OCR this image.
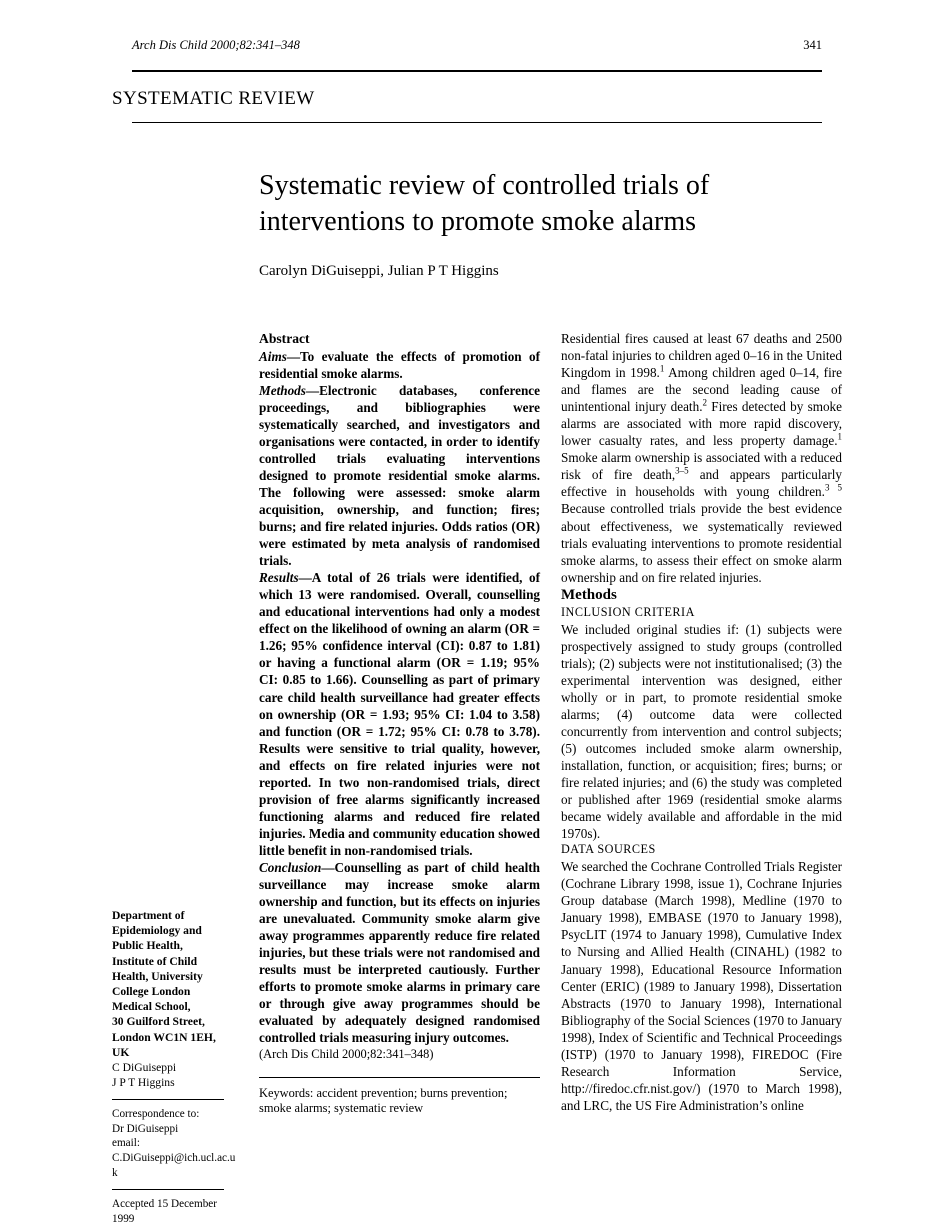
Arch Dis Child 2000;82:341–348	341
SYSTEMATIC REVIEW
Systematic review of controlled trials of interventions to promote smoke alarms
Carolyn DiGuiseppi, Julian P T Higgins

Abstract

Aims—To evaluate the effects of promotion of residential smoke alarms.

Methods—Electronic databases, conference proceedings, and bibliographies were systematically searched, and investigators and organisations were contacted, in order to identify controlled trials evaluating interventions designed to promote residential smoke alarms. The following were assessed: smoke alarm acquisition, ownership, and function; fires; burns; and fire related injuries. Odds ratios (OR) were estimated by meta analysis of randomised trials.

Results—A total of 26 trials were identified, of which 13 were randomised. Overall, counselling and educational interventions had only a modest effect on the likelihood of owning an alarm (OR = 1.26; 95% confidence interval (CI): 0.87 to 1.81) or having a functional alarm (OR = 1.19; 95% CI: 0.85 to 1.66). Counselling as part of primary care child health surveillance had greater effects on ownership (OR = 1.93; 95% CI: 1.04 to 3.58) and function (OR = 1.72; 95% CI: 0.78 to 3.78). Results were sensitive to trial quality, however, and effects on fire related injuries were not reported. In two non-randomised trials, direct provision of free alarms significantly increased functioning alarms and reduced fire related injuries. Media and community education showed little benefit in non-randomised trials.

Conclusion—Counselling as part of child health surveillance may increase smoke alarm ownership and function, but its effects on injuries are unevaluated. Community smoke alarm give away programmes apparently reduce fire related injuries, but these trials were not randomised and results must be interpreted cautiously. Further efforts to promote smoke alarms in primary care or through give away programmes should be evaluated by adequately designed randomised controlled trials measuring injury outcomes.

(Arch Dis Child 2000;82:341–348)

Keywords: accident prevention; burns prevention; smoke alarms; systematic review

Residential fires caused at least 67 deaths and 2500 non-fatal injuries to children aged 0–16 in the United Kingdom in 1998.$^1$ Among children aged 0–14, fire and flames are the second leading cause of unintentional injury death.$^2$ Fires detected by smoke alarms are associated with more rapid discovery, lower casualty rates, and less property damage.$^1$ Smoke alarm ownership is associated with a reduced risk of fire death,$^{3-5}$ and appears particularly effective in households with young children.$^{3 5}$ Because controlled trials provide the best evidence about effectiveness, we systematically reviewed trials evaluating interventions to promote residential smoke alarms, to assess their effect on smoke alarm ownership and on fire related injuries.

Methods

INCLUSION CRITERIA

We included original studies if: (1) subjects were prospectively assigned to study groups (controlled trials); (2) subjects were not institutionalised; (3) the experimental intervention was designed, either wholly or in part, to promote residential smoke alarms; (4) outcome data were collected concurrently from intervention and control subjects; (5) outcomes included smoke alarm ownership, installation, function, or acquisition; fires; burns; or fire related injuries; and (6) the study was completed or published after 1969 (residential smoke alarms became widely available and affordable in the mid 1970s).

DATA SOURCES

We searched the Cochrane Controlled Trials Register (Cochrane Library 1998, issue 1), Cochrane Injuries Group database (March 1998), Medline (1970 to January 1998), EMBASE (1970 to January 1998), PsycLIT (1974 to January 1998), Cumulative Index to Nursing and Allied Health (CINAHL) (1982 to January 1998), Educational Resource Information Center (ERIC) (1989 to January 1998), Dissertation Abstracts (1970 to January 1998), International Bibliography of the Social Sciences (1970 to January 1998), Index of Scientific and Technical Proceedings (ISTP) (1970 to January 1998), FIREDOC (Fire Research Information Service, http://firedoc.cfr.nist.gov/) (1970 to March 1998), and LRC, the US Fire Administration’s online

Department of
Epidemiology and
Public Health,
Institute of Child
Health, University
College London
Medical School,
30 Guilford Street,
London WC1N 1EH,
UK
C DiGuiseppi
J P T Higgins
Correspondence to:
Dr DiGuiseppi
email:
C.DiGuiseppi@ich.ucl.ac.uk
Accepted 15 December 1999
